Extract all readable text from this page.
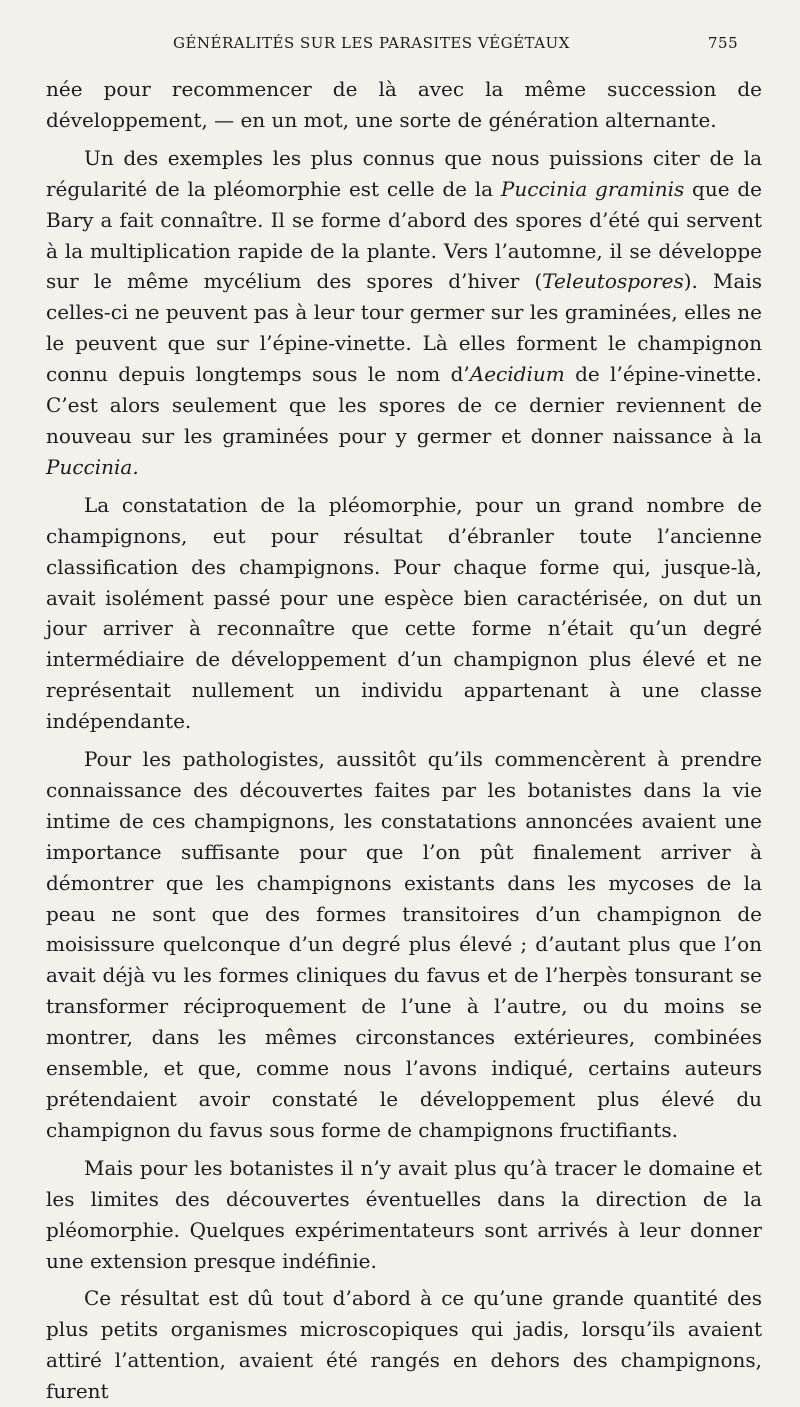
GÉNÉRALITÉS SUR LES PARASITES VÉGÉTAUX	755

née pour recommencer de là avec la même succession de développement, — en un mot, une sorte de génération alternante.

Un des exemples les plus connus que nous puissions citer de la régularité de la pléomorphie est celle de la Puccinia graminis que de Bary a fait connaître. Il se forme d’abord des spores d’été qui servent à la multiplication rapide de la plante. Vers l’automne, il se développe sur le même mycélium des spores d’hiver (Teleutospores). Mais celles-ci ne peuvent pas à leur tour germer sur les graminées, elles ne le peuvent que sur l’épine-vinette. Là elles forment le champignon connu depuis longtemps sous le nom d’Aecidium de l’épine-vinette. C’est alors seulement que les spores de ce dernier reviennent de nouveau sur les graminées pour y germer et donner naissance à la Puccinia.

La constatation de la pléomorphie, pour un grand nombre de champignons, eut pour résultat d’ébranler toute l’ancienne classification des champignons. Pour chaque forme qui, jusque-là, avait isolément passé pour une espèce bien caractérisée, on dut un jour arriver à reconnaître que cette forme n’était qu’un degré intermédiaire de développement d’un champignon plus élevé et ne représentait nullement un individu appartenant à une classe indépendante.

Pour les pathologistes, aussitôt qu’ils commencèrent à prendre connaissance des découvertes faites par les botanistes dans la vie intime de ces champignons, les constatations annoncées avaient une importance suffisante pour que l’on pût finalement arriver à démontrer que les champignons existants dans les mycoses de la peau ne sont que des formes transitoires d’un champignon de moisissure quelconque d’un degré plus élevé ; d’autant plus que l’on avait déjà vu les formes cliniques du favus et de l’herpès tonsurant se transformer réciproquement de l’une à l’autre, ou du moins se montrer, dans les mêmes circonstances extérieures, combinées ensemble, et que, comme nous l’avons indiqué, certains auteurs prétendaient avoir constaté le développement plus élevé du champignon du favus sous forme de champignons fructifiants.

Mais pour les botanistes il n’y avait plus qu’à tracer le domaine et les limites des découvertes éventuelles dans la direction de la pléomorphie. Quelques expérimentateurs sont arrivés à leur donner une extension presque indéfinie.

Ce résultat est dû tout d’abord à ce qu’une grande quantité des plus petits organismes microscopiques qui jadis, lorsqu’ils avaient attiré l’attention, avaient été rangés en dehors des champignons, furent
